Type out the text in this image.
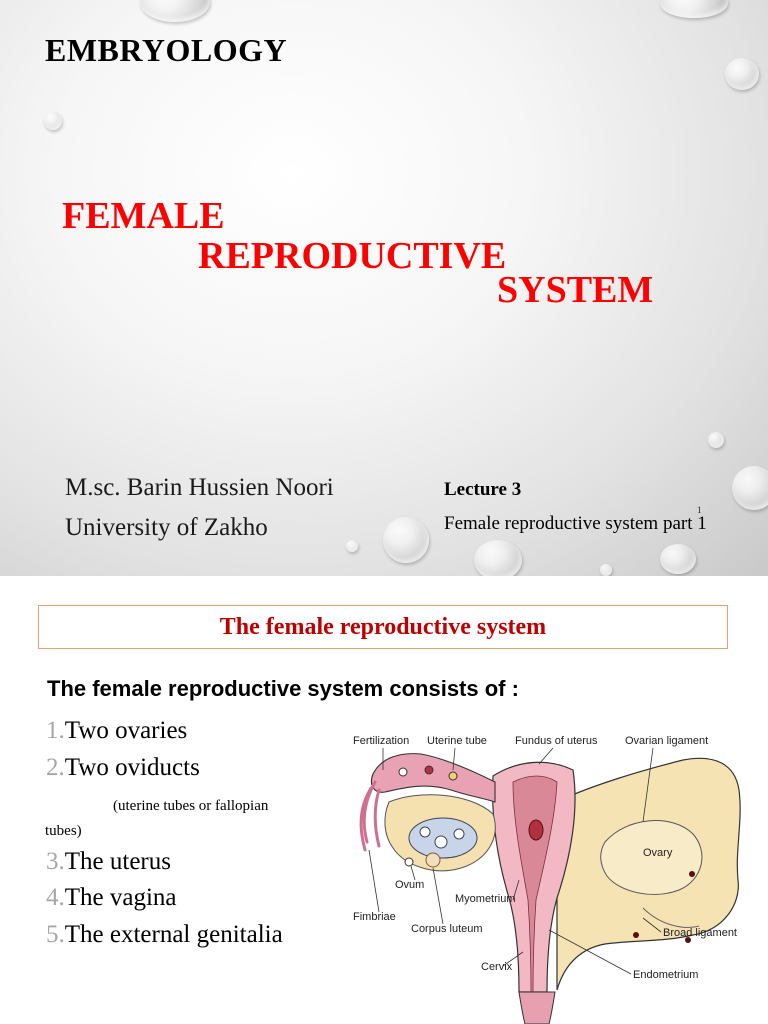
EMBRYOLOGY
FEMALE
REPRODUCTIVE
SYSTEM

M.sc. Barin Hussien Noori

University of Zakho

Lecture 3

1

Female reproductive system part 1

The female reproductive system

The female reproductive system consists of :

1.Two ovaries

2.Two oviducts

(uterine tubes or fallopian

tubes)

3.The uterus

4.The vagina

5.The external genitalia

Fertilization Uterine tube	Fundus of uterus Ovarian ligament
Ovary
Ovum
Myometrium
Fimbriae
Corpus luteum	Broad ligament
Cervix
Endometrium
